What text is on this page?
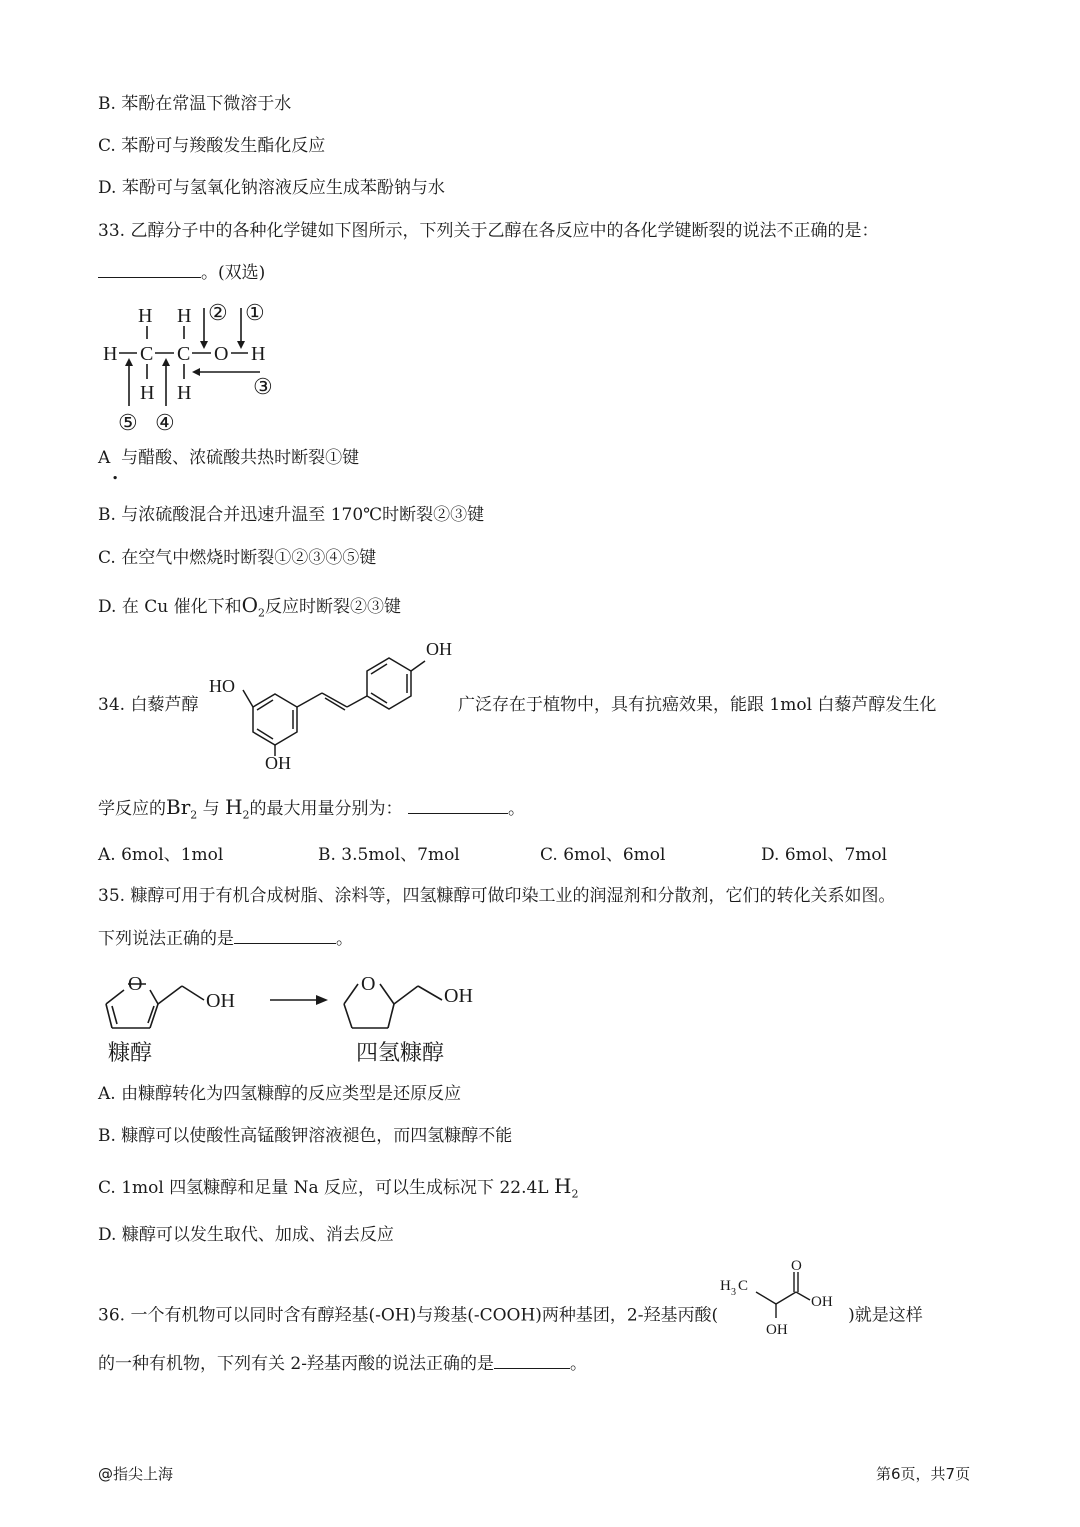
B. 苯酚在常温下微溶于水
C. 苯酚可与羧酸发生酯化反应
D. 苯酚可与氢氧化钠溶液反应生成苯酚钠与水
33. 乙醇分子中的各种化学键如下图所示，下列关于乙醇在各反应中的各化学键断裂的说法不正确的是：
。(双选)
H H
H C C O H
H H
② ①
③
⑤ ④
A 与醋酸、浓硫酸共热时断裂①键
.
B. 与浓硫酸混合并迅速升温至 170℃时断裂②③键
C. 在空气中燃烧时断裂①②③④⑤键
D. 在 Cu 催化下和$O_2$反应时断裂②③键
34. 白藜芦醇
HO
OH
OH
广泛存在于植物中，具有抗癌效果，能跟 1mol 白藜芦醇发生化
学反应的$Br_2$ 与 $H_2$的最大用量分别为：	。
A. 6mol、1mol	B. 3.5mol、7mol	C. 6mol、6mol	D. 6mol、7mol
35. 糠醇可用于有机合成树脂、涂料等，四氢糠醇可做印染工业的润湿剂和分散剂，它们的转化关系如图。
下列说法正确的是	。
O
OH
O
OH
糠醇	四氢糠醇
A. 由糠醇转化为四氢糠醇的反应类型是还原反应
B. 糠醇可以使酸性高锰酸钾溶液褪色，而四氢糠醇不能
C. 1mol 四氢糠醇和足量 Na 反应，可以生成标况下 22.4L $H_2$
D. 糠醇可以发生取代、加成、消去反应
36. 一个有机物可以同时含有醇羟基(-OH)与羧基(-COOH)两种基团，2-羟基丙酸(
H 3 C
O
OH
OH
)就是这样
的一种有机物，下列有关 2-羟基丙酸的说法正确的是	。
@指尖上海	第6页，共7页
